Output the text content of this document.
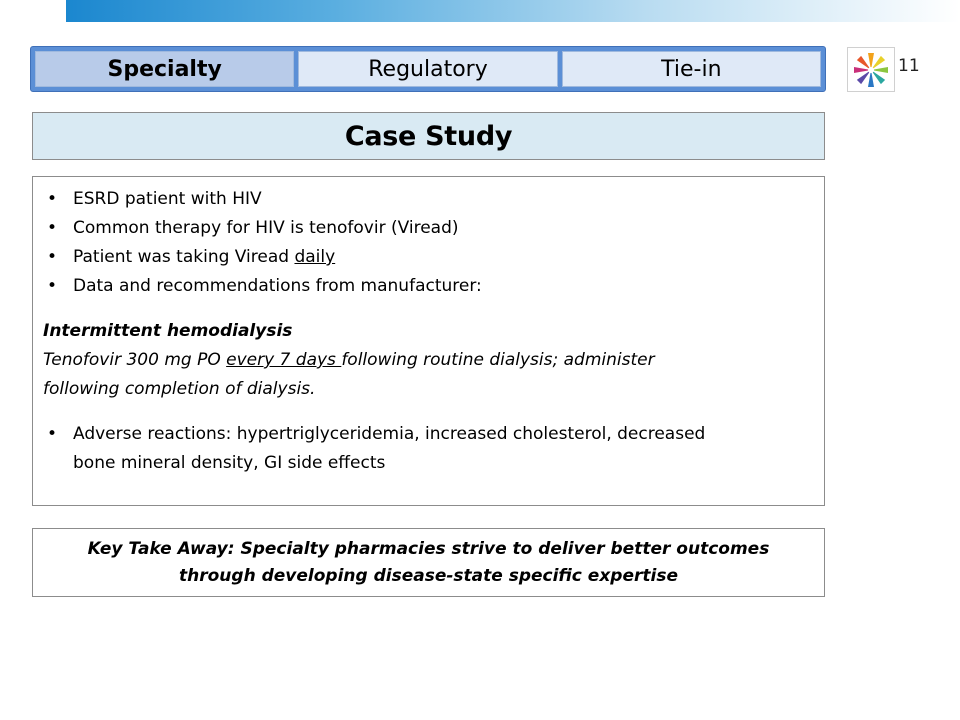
Specialty	Regulatory	Tie-in	11
Case Study
• ESRD patient with HIV
• Common therapy for HIV is tenofovir (Viread)
• Patient was taking Viread daily
• Data and recommendations from manufacturer:
Intermittent hemodialysis
Tenofovir 300 mg PO every 7 days following routine dialysis; administer
following completion of dialysis.
• Adverse reactions: hypertriglyceridemia, increased cholesterol, decreased
bone mineral density, GI side effects
Key Take Away: Specialty pharmacies strive to deliver better outcomes
through developing disease-state specific expertise
